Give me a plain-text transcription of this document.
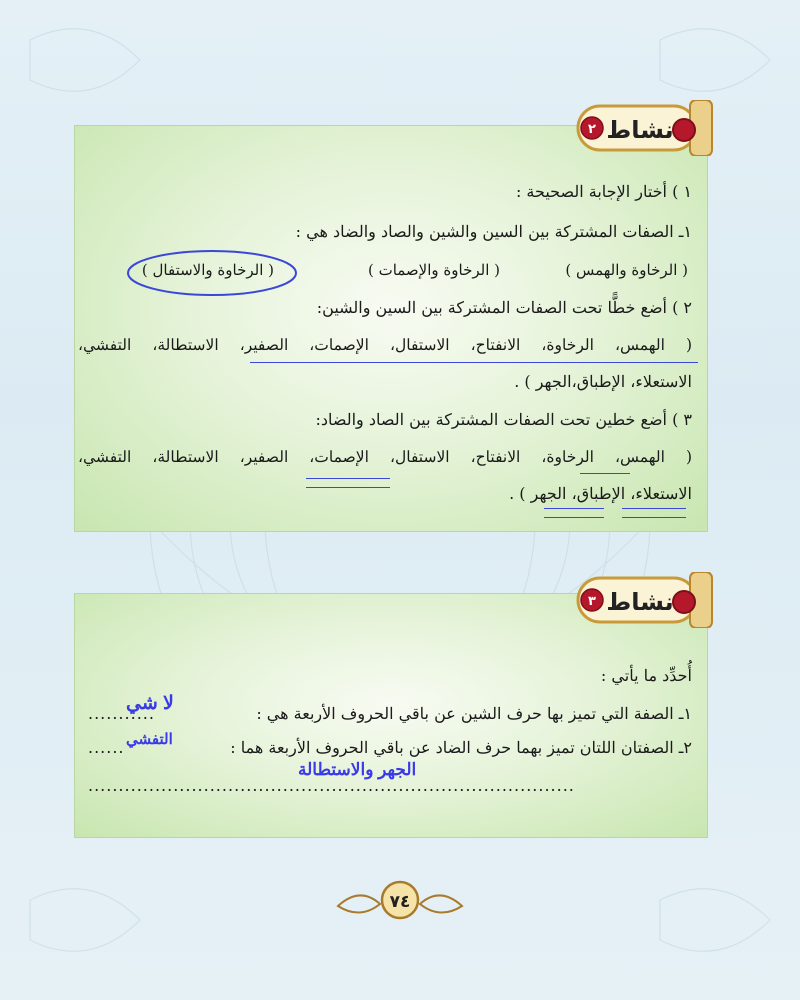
٢ نشاط
١ ) أختار الإجابة الصحيحة :
١ـ الصفات المشتركة بين السين والشين والصاد والضاد هي :
( الرخاوة والهمس )
( الرخاوة والإصمات )
( الرخاوة والاستفال )
٢ ) أضع خطًّا تحت الصفات المشتركة بين السين والشين:
( الهمس، الرخاوة، الانفتاح، الاستفال، الإصمات، الصفير، الاستطالة، التفشي،
الاستعلاء، الإطباق،الجهر ) .
٣ ) أضع خطين تحت الصفات المشتركة بين الصاد والضاد:
( الهمس، الرخاوة، الانفتاح، الاستفال، الإصمات، الصفير، الاستطالة، التفشي،
الاستعلاء، الإطباق، الجهر ) .
٣ نشاط
أُحدِّد ما يأتي :
١ـ الصفة التي تميز بها حرف الشين عن باقي الحروف الأربعة هي :
...........
لا شي
٢ـ الصفتان اللتان تميز بهما حرف الضاد عن باقي الحروف الأربعة هما :
...... التفشي
الجهر والاستطالة
................................................................................
٧٤
